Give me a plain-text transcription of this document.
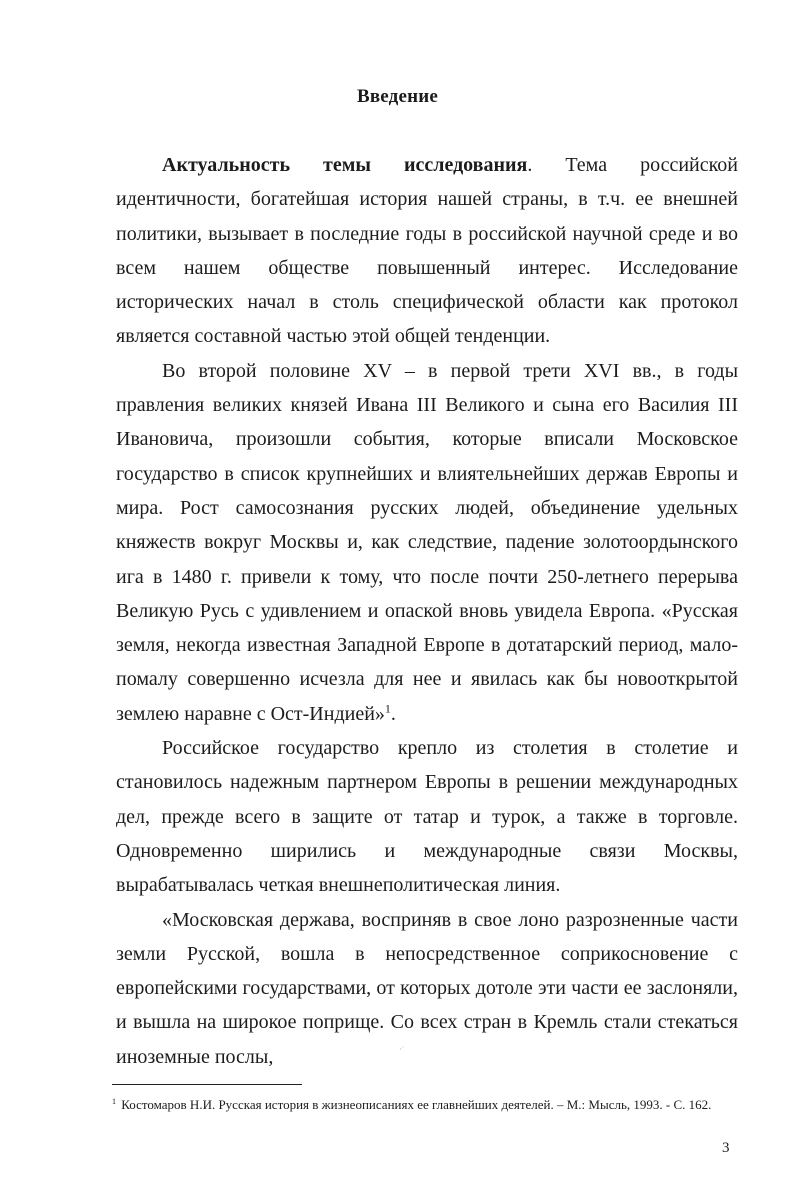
Введение

Актуальность темы исследования. Тема российской идентичности, богатейшая история нашей страны, в т.ч. ее внешней политики, вызывает в последние годы в российской научной среде и во всем нашем обществе повышенный интерес. Исследование исторических начал в столь специфической области как протокол является составной частью этой общей тенденции.

Во второй половине XV – в первой трети XVI вв., в годы правления великих князей Ивана III Великого и сына его Василия III Ивановича, произошли события, которые вписали Московское государство в список крупнейших и влиятельнейших держав Европы и мира. Рост самосознания русских людей, объединение удельных княжеств вокруг Москвы и, как следствие, падение золотоордынского ига в 1480 г. привели к тому, что после почти 250-летнего перерыва Великую Русь с удивлением и опаской вновь увидела Европа. «Русская земля, некогда известная Западной Европе в дотатарский период, мало-помалу совершенно исчезла для нее и явилась как бы новооткрытой землею наравне с Ост-Индией»$^1$.

Российское государство крепло из столетия в столетие и становилось надежным партнером Европы в решении международных дел, прежде всего в защите от татар и турок, а также в торговле. Одновременно ширились и международные связи Москвы, вырабатывалась четкая внешнеполитическая линия.

«Московская держава, восприняв в свое лоно разрозненные части земли Русской, вошла в непосредственное соприкосновение с европейскими государствами, от которых дотоле эти части ее заслоняли, и вышла на широкое поприще. Со всех стран в Кремль стали стекаться иноземные послы,	·˙

$^1$ Костомаров Н.И. Русская история в жизнеописаниях ее главнейших деятелей. – М.: Мысль, 1993. - С. 162.

3
